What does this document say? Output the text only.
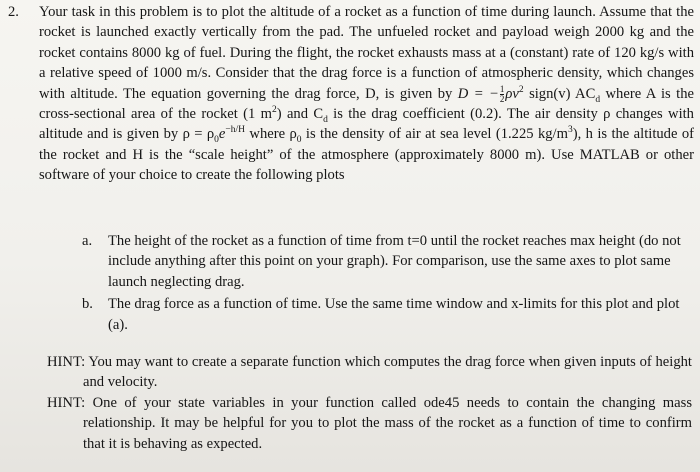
2. Your task in this problem is to plot the altitude of a rocket as a function of time during launch. Assume that the rocket is launched exactly vertically from the pad. The unfueled rocket and payload weigh 2000 kg and the rocket contains 8000 kg of fuel. During the flight, the rocket exhausts mass at a (constant) rate of 120 kg/s with a relative speed of 1000 m/s. Consider that the drag force is a function of atmospheric density, which changes with altitude. The equation governing the drag force, D, is given by D = − $\frac{1}{2} \rho v^2$ sign(v) $AC_d$ where A is the cross-sectional area of the rocket (1 $m^2$) and $C_d$ is the drag coefficient (0.2). The air density ρ changes with altitude and is given by $\rho = \rho_0e^{-h/H}$ where $\rho_0$ is the density of air at sea level (1.225 $kg/m^3$), h is the altitude of the rocket and H is the “scale height” of the atmosphere (approximately 8000 m). Use MATLAB or other software of your choice to create the following plots
a. The height of the rocket as a function of time from t=0 until the rocket reaches max height (do not include anything after this point on your graph). For comparison, use the same axes to plot same launch neglecting drag.
b. The drag force as a function of time. Use the same time window and x-limits for this plot and plot (a).
HINT: You may want to create a separate function which computes the drag force when given inputs of height and velocity.
HINT: One of your state variables in your function called ode45 needs to contain the changing mass relationship. It may be helpful for you to plot the mass of the rocket as a function of time to confirm that it is behaving as expected.
